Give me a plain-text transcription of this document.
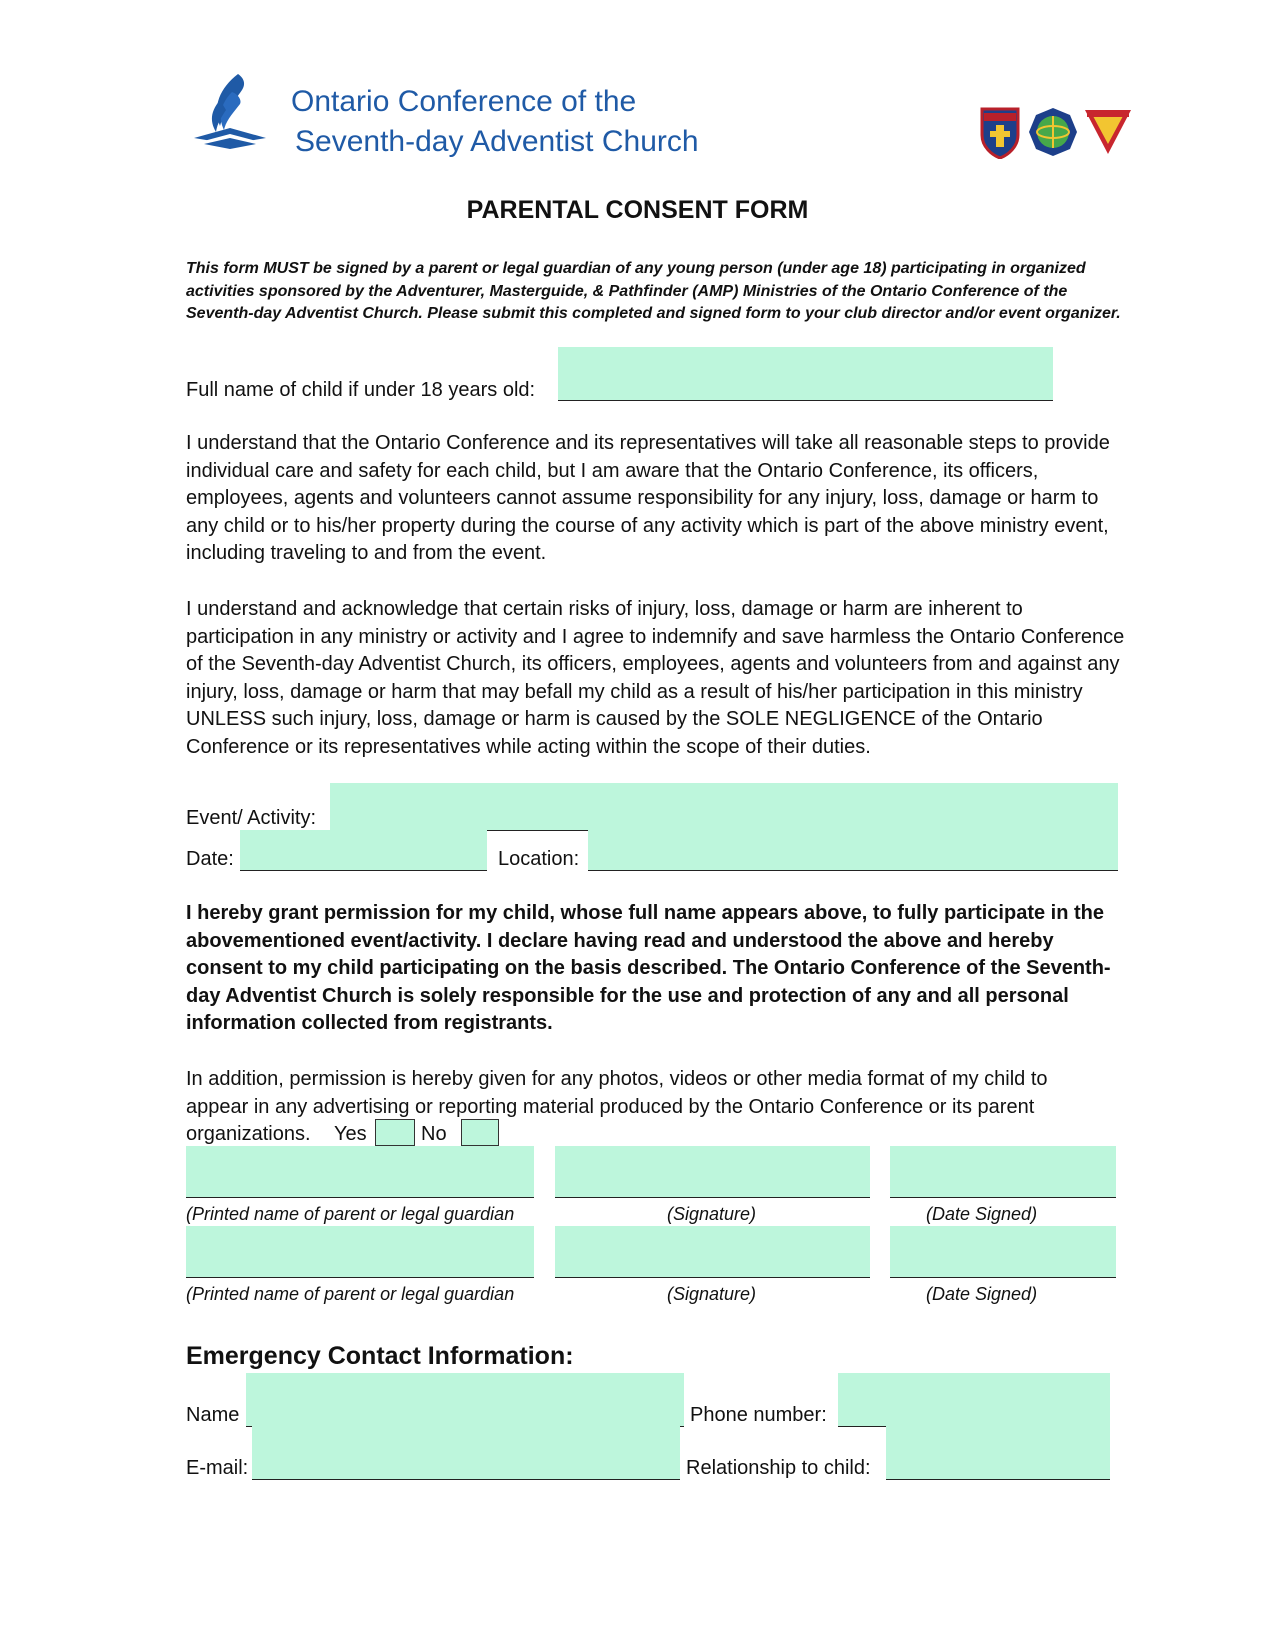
Ontario Conference of the
Seventh-day Adventist Church
PARENTAL CONSENT FORM
This form MUST be signed by a parent or legal guardian of any young person (under age 18) participating in organized activities sponsored by the Adventurer, Masterguide, & Pathfinder (AMP) Ministries of the Ontario Conference of the Seventh-day Adventist Church. Please submit this completed and signed form to your club director and/or event organizer.
Full name of child if under 18 years old:
I understand that the Ontario Conference and its representatives will take all reasonable steps to provide individual care and safety for each child, but I am aware that the Ontario Conference, its officers, employees, agents and volunteers cannot assume responsibility for any injury, loss, damage or harm to any child or to his/her property during the course of any activity which is part of the above ministry event, including traveling to and from the event.
I understand and acknowledge that certain risks of injury, loss, damage or harm are inherent to participation in any ministry or activity and I agree to indemnify and save harmless the Ontario Conference of the Seventh-day Adventist Church, its officers, employees, agents and volunteers from and against any injury, loss, damage or harm that may befall my child as a result of his/her participation in this ministry UNLESS such injury, loss, damage or harm is caused by the SOLE NEGLIGENCE of the Ontario Conference or its representatives while acting within the scope of their duties.
Event/ Activity:
Date:	Location:
I hereby grant permission for my child, whose full name appears above, to fully participate in the abovementioned event/activity. I declare having read and understood the above and hereby consent to my child participating on the basis described. The Ontario Conference of the Seventh-day Adventist Church is solely responsible for the use and protection of any and all personal information collected from registrants.
In addition, permission is hereby given for any photos, videos or other media format of my child to appear in any advertising or reporting material produced by the Ontario Conference or its parent organizations.	Yes	No
(Printed name of parent or legal guardian	(Signature)	(Date Signed)
(Printed name of parent or legal guardian	(Signature)	(Date Signed)
Emergency Contact Information:
Name	Phone number:
E-mail:	Relationship to child:
